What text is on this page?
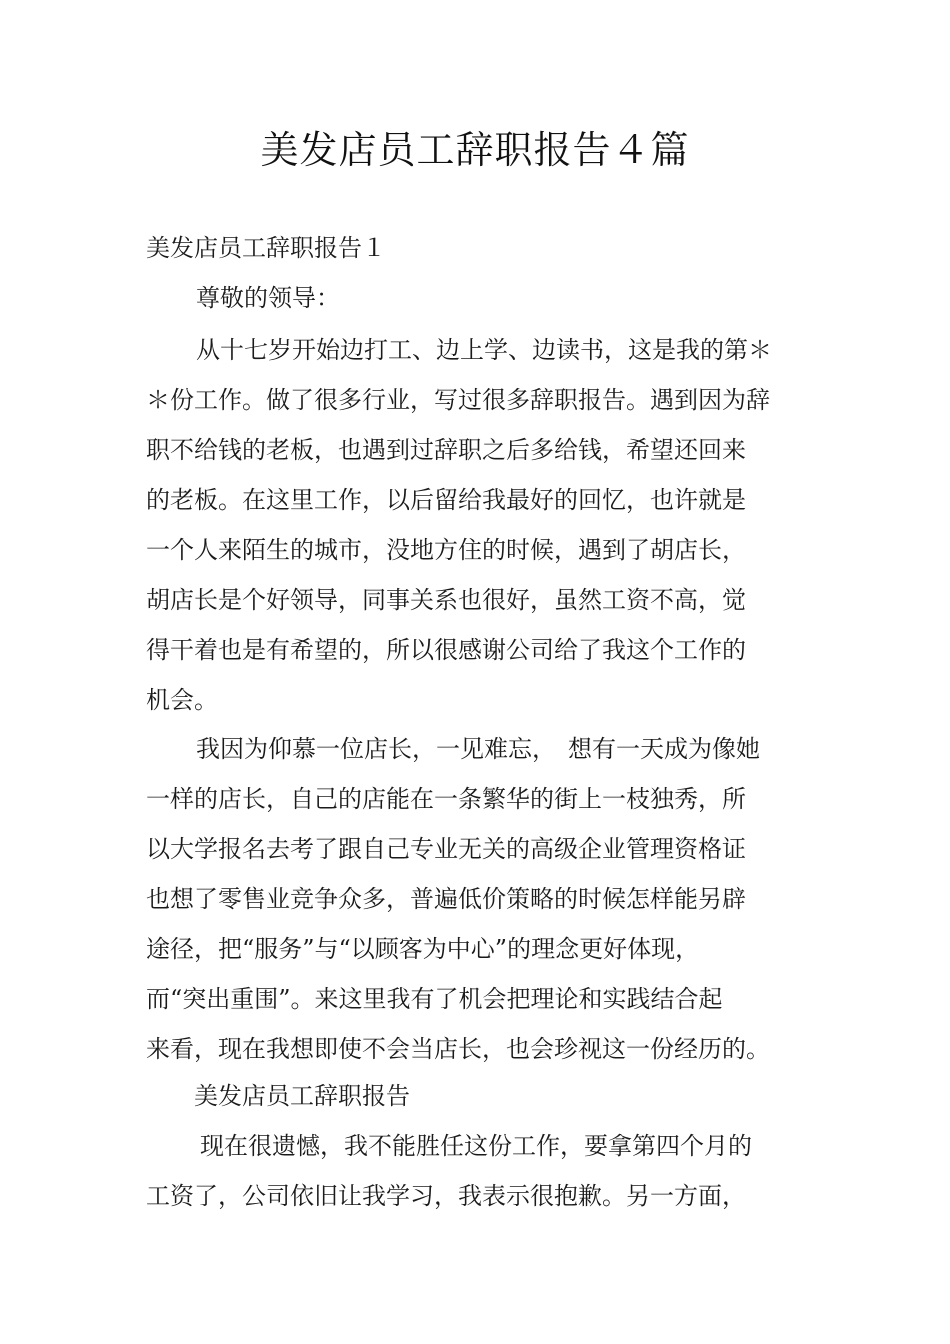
美发店员工辞职报告４篇
美发店员工辞职报告１
尊敬的领导：
从十七岁开始边打工、边上学、边读书，这是我的第＊
＊份工作。做了很多行业，写过很多辞职报告。遇到因为辞
职不给钱的老板，也遇到过辞职之后多给钱，希望还回来
的老板。在这里工作，以后留给我最好的回忆，也许就是
一个人来陌生的城市，没地方住的时候，遇到了胡店长，
胡店长是个好领导，同事关系也很好，虽然工资不高，觉
得干着也是有希望的，所以很感谢公司给了我这个工作的
机会。
我因为仰慕一位店长，一见难忘，　想有一天成为像她
一样的店长，自己的店能在一条繁华的街上一枝独秀，所
以大学报名去考了跟自己专业无关的高级企业管理资格证
也想了零售业竞争众多，普遍低价策略的时候怎样能另辟
途径，把“服务”与“以顾客为中心”的理念更好体现，
而“突出重围”。来这里我有了机会把理论和实践结合起
来看，现在我想即使不会当店长，也会珍视这一份经历的。
美发店员工辞职报告
现在很遗憾，我不能胜任这份工作，要拿第四个月的
工资了，公司依旧让我学习，我表示很抱歉。另一方面，
